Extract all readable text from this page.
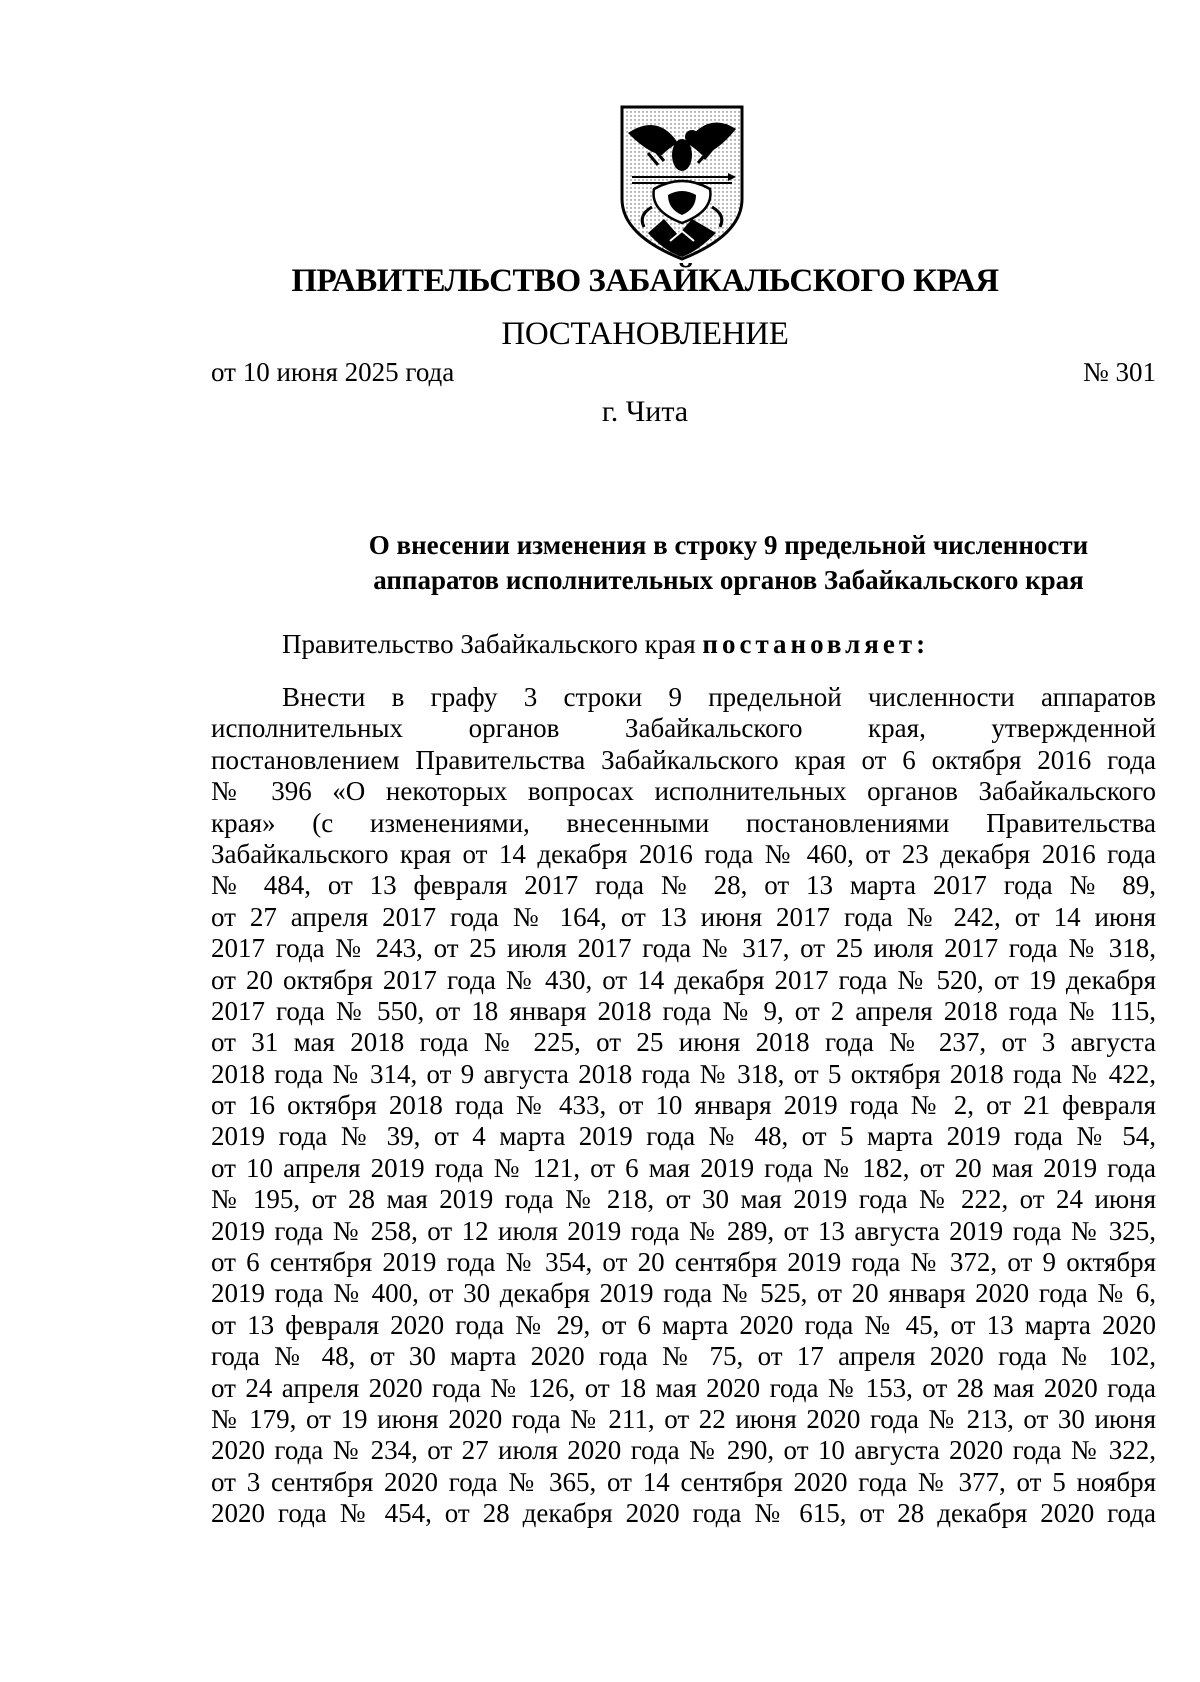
ПРАВИТЕЛЬСТВО ЗАБАЙКАЛЬСКОГО КРАЯ
ПОСТАНОВЛЕНИЕ
от 10 июня 2025 года	№ 301
г. Чита
О внесении изменения в строку 9 предельной численности
аппаратов исполнительных органов Забайкальского края
Правительство Забайкальского края постановляет:
Внести в графу 3 строки 9 предельной численности аппаратов
исполнительных органов Забайкальского края, утвержденной
постановлением Правительства Забайкальского края от 6 октября 2016 года
№ 396 «О некоторых вопросах исполнительных органов Забайкальского
края» (с изменениями, внесенными постановлениями Правительства
Забайкальского края от 14 декабря 2016 года № 460, от 23 декабря 2016 года
№ 484, от 13 февраля 2017 года № 28, от 13 марта 2017 года № 89,
от 27 апреля 2017 года № 164, от 13 июня 2017 года № 242, от 14 июня
2017 года № 243, от 25 июля 2017 года № 317, от 25 июля 2017 года № 318,
от 20 октября 2017 года № 430, от 14 декабря 2017 года № 520, от 19 декабря
2017 года № 550, от 18 января 2018 года № 9, от 2 апреля 2018 года № 115,
от 31 мая 2018 года № 225, от 25 июня 2018 года № 237, от 3 августа
2018 года № 314, от 9 августа 2018 года № 318, от 5 октября 2018 года № 422,
от 16 октября 2018 года № 433, от 10 января 2019 года № 2, от 21 февраля
2019 года № 39, от 4 марта 2019 года № 48, от 5 марта 2019 года № 54,
от 10 апреля 2019 года № 121, от 6 мая 2019 года № 182, от 20 мая 2019 года
№ 195, от 28 мая 2019 года № 218, от 30 мая 2019 года № 222, от 24 июня
2019 года № 258, от 12 июля 2019 года № 289, от 13 августа 2019 года № 325,
от 6 сентября 2019 года № 354, от 20 сентября 2019 года № 372, от 9 октября
2019 года № 400, от 30 декабря 2019 года № 525, от 20 января 2020 года № 6,
от 13 февраля 2020 года № 29, от 6 марта 2020 года № 45, от 13 марта 2020
года № 48, от 30 марта 2020 года № 75, от 17 апреля 2020 года № 102,
от 24 апреля 2020 года № 126, от 18 мая 2020 года № 153, от 28 мая 2020 года
№ 179, от 19 июня 2020 года № 211, от 22 июня 2020 года № 213, от 30 июня
2020 года № 234, от 27 июля 2020 года № 290, от 10 августа 2020 года № 322,
от 3 сентября 2020 года № 365, от 14 сентября 2020 года № 377, от 5 ноября
2020 года № 454, от 28 декабря 2020 года № 615, от 28 декабря 2020 года
